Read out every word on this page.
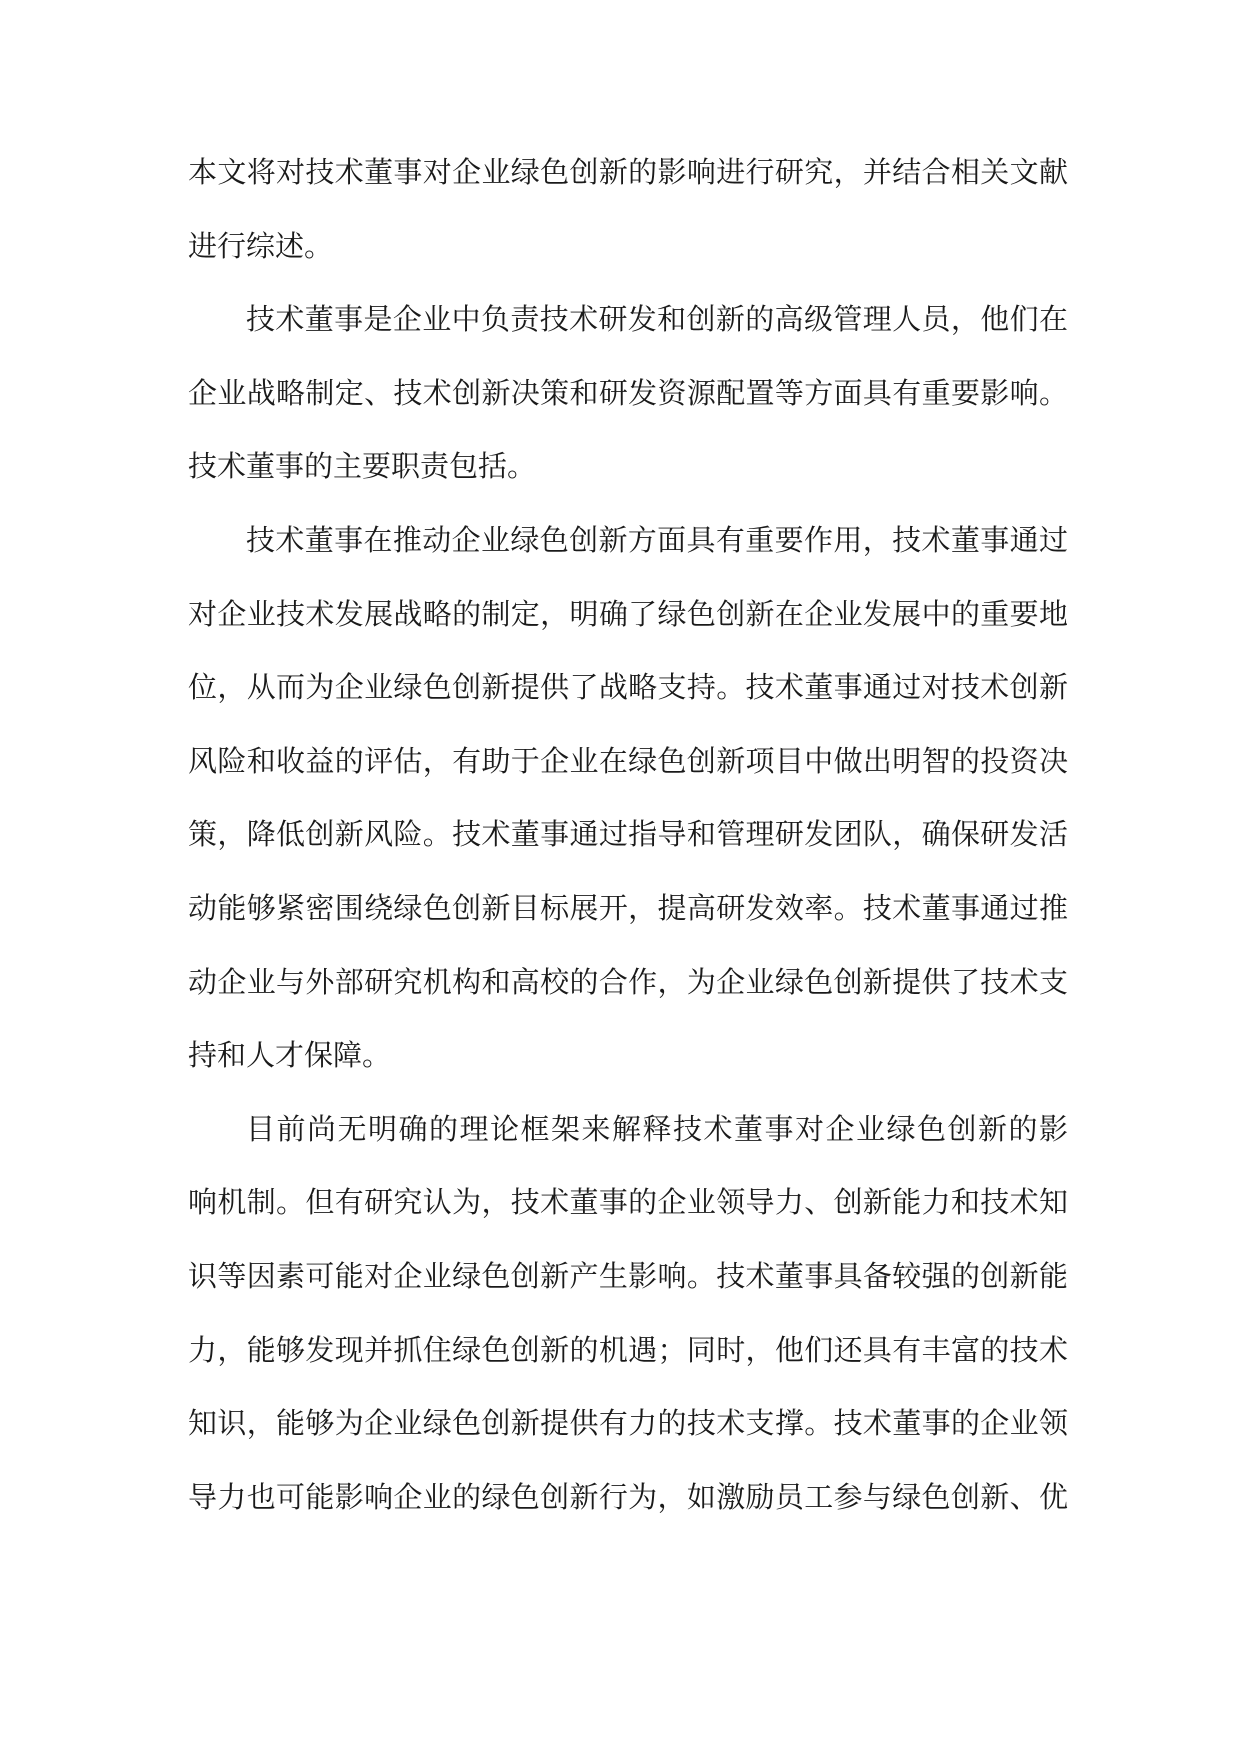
本文将对技术董事对企业绿色创新的影响进行研究，并结合相关文献
进行综述。
技术董事是企业中负责技术研发和创新的高级管理人员，他们在
企业战略制定、技术创新决策和研发资源配置等方面具有重要影响。
技术董事的主要职责包括。
技术董事在推动企业绿色创新方面具有重要作用，技术董事通过
对企业技术发展战略的制定，明确了绿色创新在企业发展中的重要地
位，从而为企业绿色创新提供了战略支持。技术董事通过对技术创新
风险和收益的评估，有助于企业在绿色创新项目中做出明智的投资决
策，降低创新风险。技术董事通过指导和管理研发团队，确保研发活
动能够紧密围绕绿色创新目标展开，提高研发效率。技术董事通过推
动企业与外部研究机构和高校的合作，为企业绿色创新提供了技术支
持和人才保障。
目前尚无明确的理论框架来解释技术董事对企业绿色创新的影
响机制。但有研究认为，技术董事的企业领导力、创新能力和技术知
识等因素可能对企业绿色创新产生影响。技术董事具备较强的创新能
力，能够发现并抓住绿色创新的机遇；同时，他们还具有丰富的技术
知识，能够为企业绿色创新提供有力的技术支撑。技术董事的企业领
导力也可能影响企业的绿色创新行为，如激励员工参与绿色创新、优
